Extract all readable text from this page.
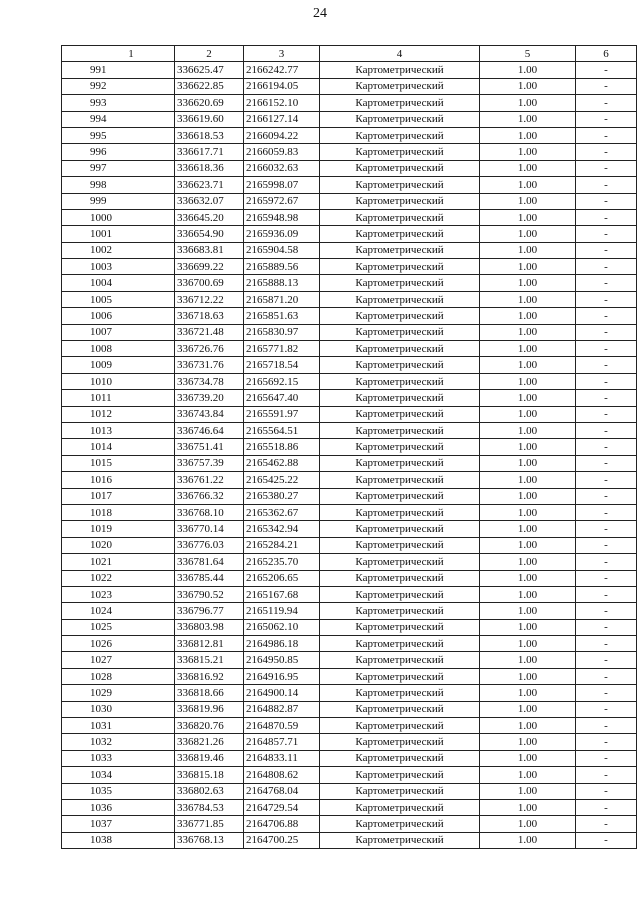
24
1	2	3	4	5	6
991	336625.47	2166242.77	Картометрический	1.00	-
992	336622.85	2166194.05	Картометрический	1.00	-
993	336620.69	2166152.10	Картометрический	1.00	-
994	336619.60	2166127.14	Картометрический	1.00	-
995	336618.53	2166094.22	Картометрический	1.00	-
996	336617.71	2166059.83	Картометрический	1.00	-
997	336618.36	2166032.63	Картометрический	1.00	-
998	336623.71	2165998.07	Картометрический	1.00	-
999	336632.07	2165972.67	Картометрический	1.00	-
1000	336645.20	2165948.98	Картометрический	1.00	-
1001	336654.90	2165936.09	Картометрический	1.00	-
1002	336683.81	2165904.58	Картометрический	1.00	-
1003	336699.22	2165889.56	Картометрический	1.00	-
1004	336700.69	2165888.13	Картометрический	1.00	-
1005	336712.22	2165871.20	Картометрический	1.00	-
1006	336718.63	2165851.63	Картометрический	1.00	-
1007	336721.48	2165830.97	Картометрический	1.00	-
1008	336726.76	2165771.82	Картометрический	1.00	-
1009	336731.76	2165718.54	Картометрический	1.00	-
1010	336734.78	2165692.15	Картометрический	1.00	-
1011	336739.20	2165647.40	Картометрический	1.00	-
1012	336743.84	2165591.97	Картометрический	1.00	-
1013	336746.64	2165564.51	Картометрический	1.00	-
1014	336751.41	2165518.86	Картометрический	1.00	-
1015	336757.39	2165462.88	Картометрический	1.00	-
1016	336761.22	2165425.22	Картометрический	1.00	-
1017	336766.32	2165380.27	Картометрический	1.00	-
1018	336768.10	2165362.67	Картометрический	1.00	-
1019	336770.14	2165342.94	Картометрический	1.00	-
1020	336776.03	2165284.21	Картометрический	1.00	-
1021	336781.64	2165235.70	Картометрический	1.00	-
1022	336785.44	2165206.65	Картометрический	1.00	-
1023	336790.52	2165167.68	Картометрический	1.00	-
1024	336796.77	2165119.94	Картометрический	1.00	-
1025	336803.98	2165062.10	Картометрический	1.00	-
1026	336812.81	2164986.18	Картометрический	1.00	-
1027	336815.21	2164950.85	Картометрический	1.00	-
1028	336816.92	2164916.95	Картометрический	1.00	-
1029	336818.66	2164900.14	Картометрический	1.00	-
1030	336819.96	2164882.87	Картометрический	1.00	-
1031	336820.76	2164870.59	Картометрический	1.00	-
1032	336821.26	2164857.71	Картометрический	1.00	-
1033	336819.46	2164833.11	Картометрический	1.00	-
1034	336815.18	2164808.62	Картометрический	1.00	-
1035	336802.63	2164768.04	Картометрический	1.00	-
1036	336784.53	2164729.54	Картометрический	1.00	-
1037	336771.85	2164706.88	Картометрический	1.00	-
1038	336768.13	2164700.25	Картометрический	1.00	-
